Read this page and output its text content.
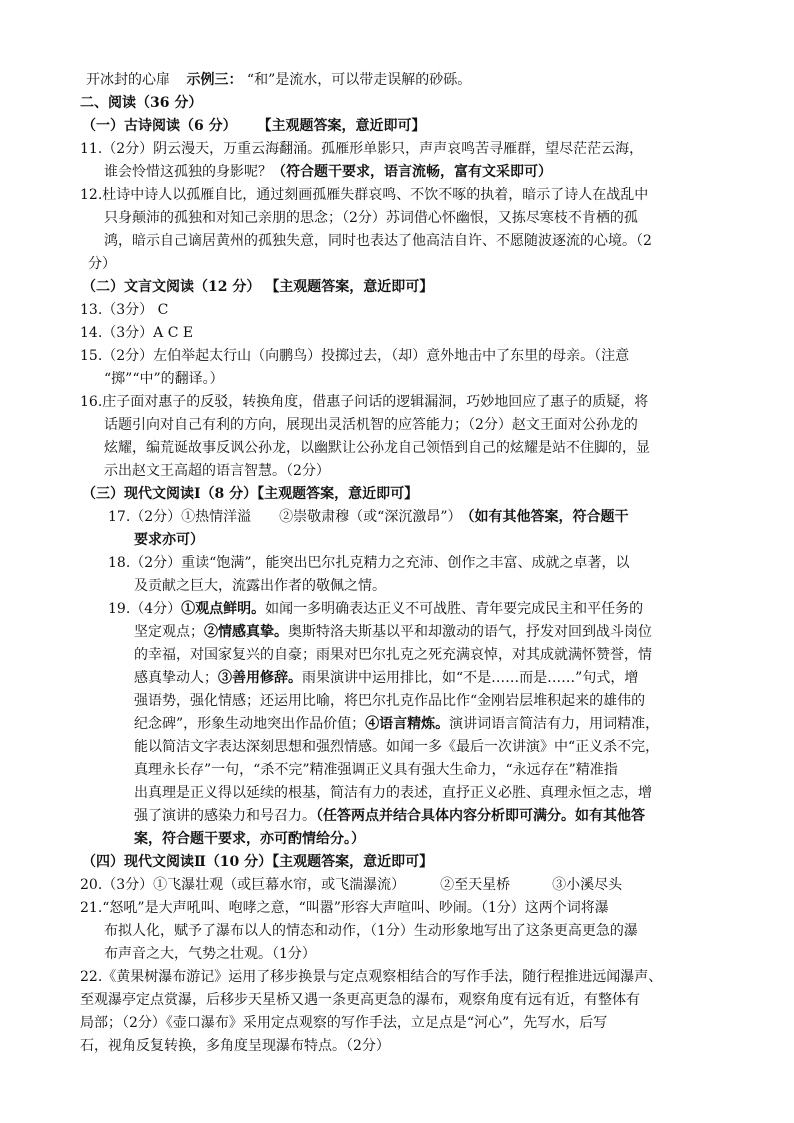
开冰封的心扉 示例三： “和”是流水，可以带走误解的砂砾。
二、阅读（36 分）
（一）古诗阅读（6 分） 【主观题答案，意近即可】
11.（2分）阴云漫天，万重云海翻涌。孤雁形单影只，声声哀鸣苦寻雁群，望尽茫茫云海，
谁会怜惜这孤独的身影呢？（符合题干要求，语言流畅，富有文采即可）
12.杜诗中诗人以孤雁自比，通过刻画孤雁失群哀鸣、不饮不啄的执着，暗示了诗人在战乱中
只身颠沛的孤独和对知己亲朋的思念；（2分）苏词借心怀幽恨，又拣尽寒枝不肯栖的孤
鸿，暗示自己谪居黄州的孤独失意，同时也表达了他高洁自许、不愿随波逐流的心境。（2
分）
（二）文言文阅读（12 分） 【主观题答案，意近即可】
13.（3分） C
14.（3分）A C E
15.（2分）左伯举起太行山（向鹏鸟）投掷过去，（却）意外地击中了东里的母亲。（注意
“掷”“中”的翻译。）
16.庄子面对惠子的反驳，转换角度，借惠子问话的逻辑漏洞，巧妙地回应了惠子的质疑，将
话题引向对自己有利的方向，展现出灵活机智的应答能力；（2分）赵文王面对公孙龙的
炫耀，编荒诞故事反讽公孙龙，以幽默让公孙龙自己领悟到自己的炫耀是站不住脚的，显
示出赵文王高超的语言智慧。（2分）
（三）现代文阅读Ⅰ（8 分）【主观题答案，意近即可】
17.（2分）①热情洋溢　　②崇敬肃穆（或“深沉激昂”） （如有其他答案，符合题干
要求亦可）
18.（2分）重读“饱满”，能突出巴尔扎克精力之充沛、创作之丰富、成就之卓著，以
及贡献之巨大，流露出作者的敬佩之情。
19.（4分）①观点鲜明。如闻一多明确表达正义不可战胜、青年要完成民主和平任务的
坚定观点；②情感真挚。奥斯特洛夫斯基以平和却激动的语气，抒发对回到战斗岗位
的幸福，对国家复兴的自豪；雨果对巴尔扎克之死充满哀悼，对其成就满怀赞誉，情
感真挚动人；③善用修辞。雨果演讲中运用排比，如“不是……而是……”句式，增
强语势，强化情感；还运用比喻，将巴尔扎克作品比作“金刚岩层堆积起来的雄伟的
纪念碑”，形象生动地突出作品价值；④语言精炼。演讲词语言简洁有力，用词精准，
能以简洁文字表达深刻思想和强烈情感。如闻一多《最后一次讲演》中“正义杀不完，
真理永长存”一句，“杀不完”精准强调正义具有强大生命力，“永远存在”精准指
出真理是正义得以延续的根基，简洁有力的表述，直抒正义必胜、真理永恒之志，增
强了演讲的感染力和号召力。（任答两点并结合具体内容分析即可满分。如有其他答
案，符合题干要求，亦可酌情给分。）
（四）现代文阅读Ⅱ（10 分）【主观题答案，意近即可】
20.（3分）①飞瀑壮观（或巨幕水帘，或飞湍瀑流）　　　②至天星桥　　　③小溪尽头
21.“怒吼”是大声吼叫、咆哮之意，“叫嚣”形容大声喧叫、吵闹。（1分）这两个词将瀑
布拟人化，赋予了瀑布以人的情态和动作，（1分）生动形象地写出了这条更高更急的瀑
布声音之大，气势之壮观。（1分）
22.《黄果树瀑布游记》运用了移步换景与定点观察相结合的写作手法，随行程推进远闻瀑声、
至观瀑亭定点赏瀑，后移步天星桥又遇一条更高更急的瀑布，观察角度有远有近，有整体有
局部；（2分）《壶口瀑布》采用定点观察的写作手法，立足点是“河心”，先写水，后写
石，视角反复转换，多角度呈现瀑布特点。（2分）
